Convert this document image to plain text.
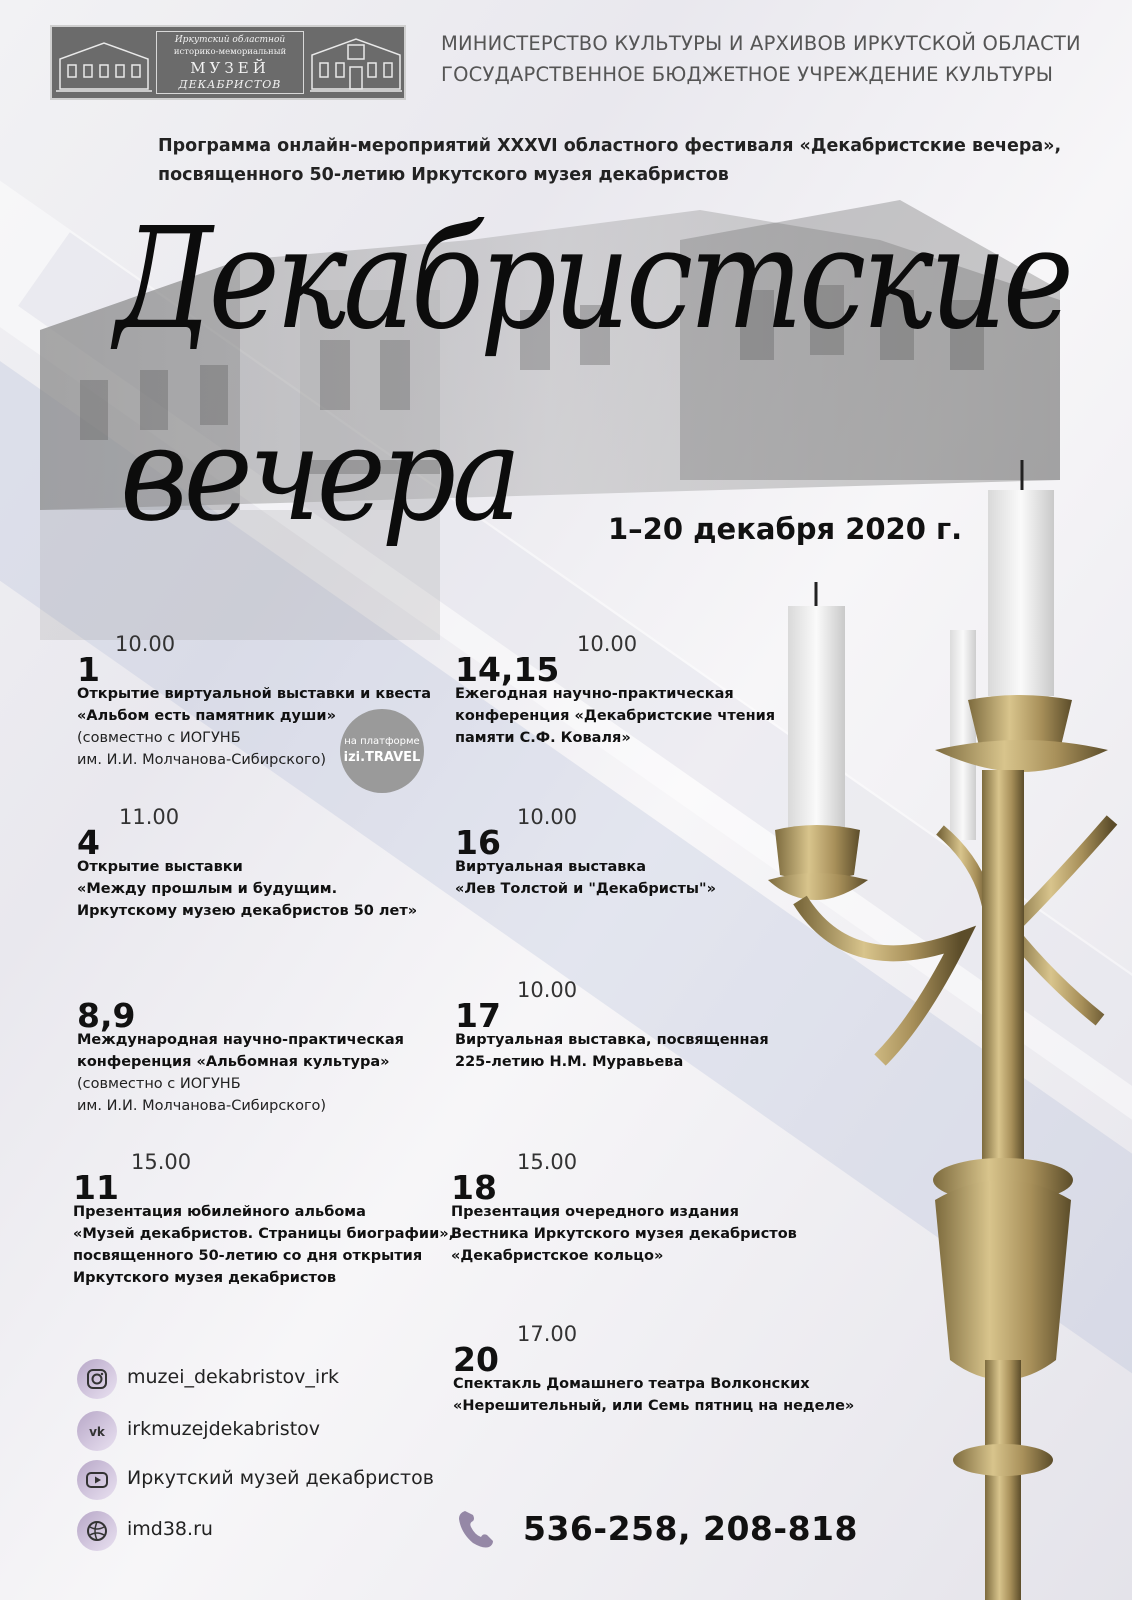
Иркутский областной
историко-мемориальный
МУЗЕЙ
ДЕКАБРИСТОВ
МИНИСТЕРСТВО КУЛЬТУРЫ И АРХИВОВ ИРКУТСКОЙ ОБЛАСТИ
ГОСУДАРСТВЕННОЕ БЮДЖЕТНОЕ УЧРЕЖДЕНИЕ КУЛЬТУРЫ
Программа онлайн-мероприятий XXXVI областного фестиваля «Декабристские вечера»,
посвященного 50-летию Иркутского музея декабристов
Декабристские
вечера	1–20 декабря 2020 г.
1
10.00
Открытие виртуальной выставки и квеста
«Альбом есть памятник души»
(совместно с ИОГУНБ
им. И.И. Молчанова-Сибирского)
на платформе
izi.TRAVEL
14,15
10.00
Ежегодная научно-практическая
конференция «Декабристские чтения
памяти С.Ф. Коваля»
4
11.00
Открытие выставки
«Между прошлым и будущим.
Иркутскому музею декабристов 50 лет»
16
10.00
Виртуальная выставка
«Лев Толстой и "Декабристы"»
8,9
Международная научно-практическая
конференция «Альбомная культура»
(совместно с ИОГУНБ
им. И.И. Молчанова-Сибирского)
17
10.00
Виртуальная выставка, посвященная
225-летию Н.М. Муравьева
11
15.00
Презентация юбилейного альбома
«Музей декабристов. Страницы биографии»,
посвященного 50-летию со дня открытия
Иркутского музея декабристов
18
15.00
Презентация очередного издания
Вестника Иркутского музея декабристов
«Декабристское кольцо»
20
17.00
Спектакль Домашнего театра Волконских
«Нерешительный, или Семь пятниц на неделе»
muzei_dekabristov_irk
vk irkmuzejdekabristov
Иркутский музей декабристов
imd38.ru	536-258, 208-818
